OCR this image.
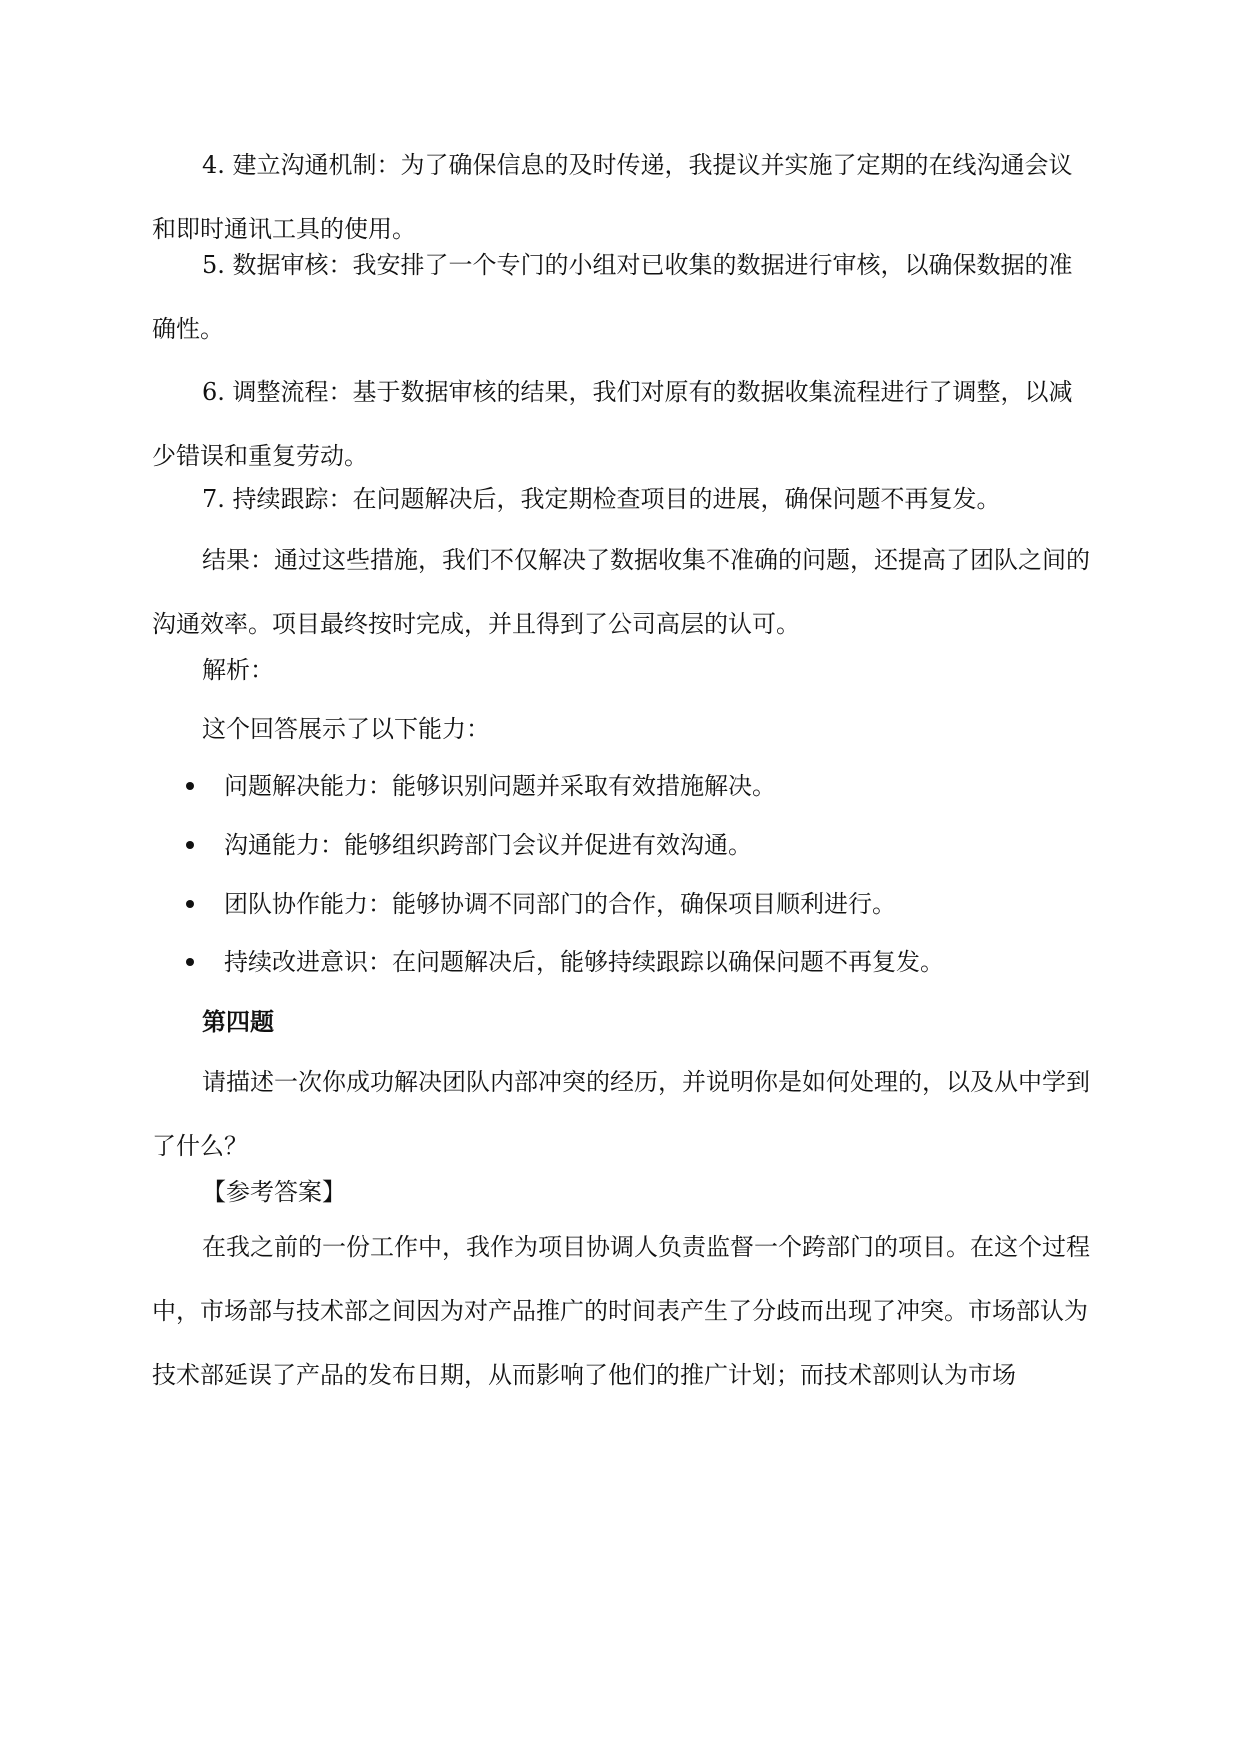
4. 建立沟通机制：为了确保信息的及时传递，我提议并实施了定期的在线沟通会议和即时通讯工具的使用。

5. 数据审核：我安排了一个专门的小组对已收集的数据进行审核，以确保数据的准确性。

6. 调整流程：基于数据审核的结果，我们对原有的数据收集流程进行了调整，以减少错误和重复劳动。

7. 持续跟踪：在问题解决后，我定期检查项目的进展，确保问题不再复发。

结果：通过这些措施，我们不仅解决了数据收集不准确的问题，还提高了团队之间的沟通效率。项目最终按时完成，并且得到了公司高层的认可。

解析：

这个回答展示了以下能力：

问题解决能力：能够识别问题并采取有效措施解决。
沟通能力：能够组织跨部门会议并促进有效沟通。
团队协作能力：能够协调不同部门的合作，确保项目顺利进行。
持续改进意识：在问题解决后，能够持续跟踪以确保问题不再复发。

第四题

请描述一次你成功解决团队内部冲突的经历，并说明你是如何处理的，以及从中学到了什么？

【参考答案】

在我之前的一份工作中，我作为项目协调人负责监督一个跨部门的项目。在这个过程中，市场部与技术部之间因为对产品推广的时间表产生了分歧而出现了冲突。市场部认为技术部延误了产品的发布日期，从而影响了他们的推广计划；而技术部则认为市场
